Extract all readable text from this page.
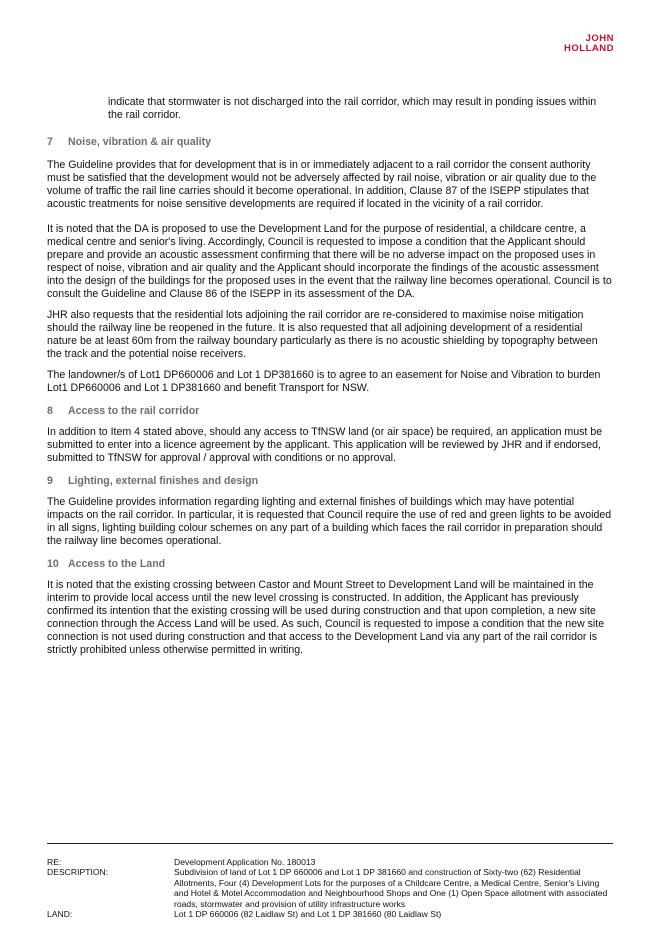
JOHN
HOLLAND

indicate that stormwater is not discharged into the rail corridor, which may result in ponding issues within the rail corridor.

7	Noise, vibration & air quality

The Guideline provides that for development that is in or immediately adjacent to a rail corridor the consent authority must be satisfied that the development would not be adversely affected by rail noise, vibration or air quality due to the volume of traffic the rail line carries should it become operational. In addition, Clause 87 of the ISEPP stipulates that acoustic treatments for noise sensitive developments are required if located in the vicinity of a rail corridor.

It is noted that the DA is proposed to use the Development Land for the purpose of residential, a childcare centre, a medical centre and senior's living. Accordingly, Council is requested to impose a condition that the Applicant should prepare and provide an acoustic assessment confirming that there will be no adverse impact on the proposed uses in respect of noise, vibration and air quality and the Applicant should incorporate the findings of the acoustic assessment into the design of the buildings for the proposed uses in the event that the railway line becomes operational. Council is to consult the Guideline and Clause 86 of the ISEPP in its assessment of the DA.

JHR also requests that the residential lots adjoining the rail corridor are re-considered to maximise noise mitigation should the railway line be reopened in the future. It is also requested that all adjoining development of a residential nature be at least 60m from the railway boundary particularly as there is no acoustic shielding by topography between the track and the potential noise receivers.

The landowner/s of Lot1 DP660006 and Lot 1 DP381660 is to agree to an easement for Noise and Vibration to burden Lot1 DP660006 and Lot 1 DP381660 and benefit Transport for NSW.

8	Access to the rail corridor

In addition to Item 4 stated above, should any access to TfNSW land (or air space) be required, an application must be submitted to enter into a licence agreement by the applicant. This application will be reviewed by JHR and if endorsed, submitted to TfNSW for approval / approval with conditions or no approval.

9	Lighting, external finishes and design

The Guideline provides information regarding lighting and external finishes of buildings which may have potential impacts on the rail corridor. In particular, it is requested that Council require the use of red and green lights to be avoided in all signs, lighting building colour schemes on any part of a building which faces the rail corridor in preparation should the railway line becomes operational.

10 Access to the Land

It is noted that the existing crossing between Castor and Mount Street to Development Land will be maintained in the interim to provide local access until the new level crossing is constructed. In addition, the Applicant has previously confirmed its intention that the existing crossing will be used during construction and that upon completion, a new site connection through the Access Land will be used. As such, Council is requested to impose a condition that the new site connection is not used during construction and that access to the Development Land via any part of the rail corridor is strictly prohibited unless otherwise permitted in writing.

RE:	Development Application No. 180013
DESCRIPTION:	Subdivision of land of Lot 1 DP 660006 and Lot 1 DP 381660 and construction of Sixty-two (62) Residential Allotments, Four (4) Development Lots for the purposes of a Childcare Centre, a Medical Centre, Senior's Living and Hotel & Motel Accommodation and Neighbourhood Shops and One (1) Open Space allotment with associated roads, stormwater and provision of utility infrastructure works
LAND:	Lot 1 DP 660006 (82 Laidlaw St) and Lot 1 DP 381660 (80 Laidlaw St)
